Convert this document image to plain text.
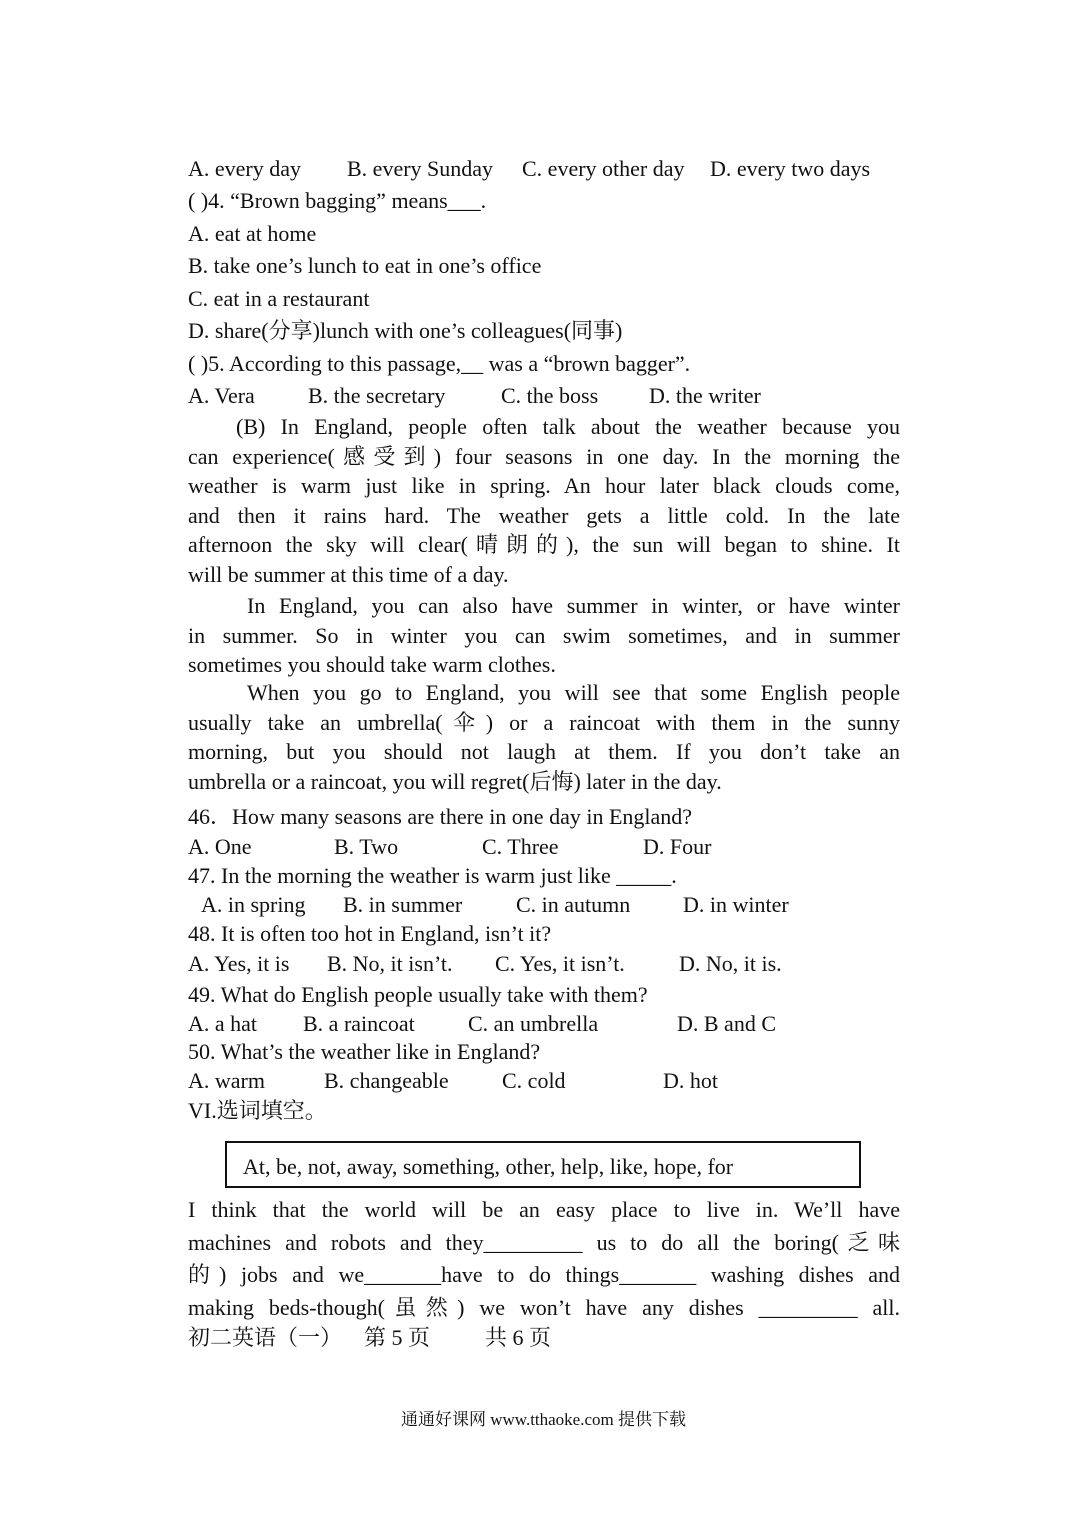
A. every day	B. every Sunday	C. every other day	D. every two days

( )4. “Brown bagging” means___.

A. eat at home

B. take one’s lunch to eat in one’s office

C. eat in a restaurant

D. share(分享)lunch with one’s colleagues(同事)

( )5. According to this passage,__ was a “brown bagger”.

A. Vera	B. the secretary	C. the boss	D. the writer
(B) In England, people often talk about the weather because you
can experience(感受到) four seasons in one day. In the morning the
weather is warm just like in spring. An hour later black clouds come,
and then it rains hard. The weather gets a little cold. In the late
afternoon the sky will clear(晴朗的), the sun will began to shine. It
will be summer at this time of a day.
In England, you can also have summer in winter, or have winter
in summer. So in winter you can swim sometimes, and in summer
sometimes you should take warm clothes.
When you go to England, you will see that some English people
usually take an umbrella(伞) or a raincoat with them in the sunny
morning, but you should not laugh at them. If you don’t take an
umbrella or a raincoat, you will regret(后悔) later in the day.

46．How many seasons are there in one day in England?

A. One	B. Two	C. Three	D. Four

47. In the morning the weather is warm just like _____.

A. in spring	B. in summer	C. in autumn	D. in winter

48. It is often too hot in England, isn’t it?

A. Yes, it is	B. No, it isn’t.	C. Yes, it isn’t.	D. No, it is.

49. What do English people usually take with them?

A. a hat	B. a raincoat	C. an umbrella	D. B and C

50. What’s the weather like in England?

A. warm	B. changeable	C. cold	D. hot

VI.选词填空。

At, be, not, away, something, other, help, like, hope, for
I think that the world will be an easy place to live in. We’ll have
machines and robots and they_________ us to do all the boring(乏味
的) jobs and we_______have to do things_______ washing dishes and
making beds-though(虽然) we won’t have any dishes _________ all.
初二英语（一）    第 5 页          共 6 页
通通好课网 www.tthaoke.com 提供下载
